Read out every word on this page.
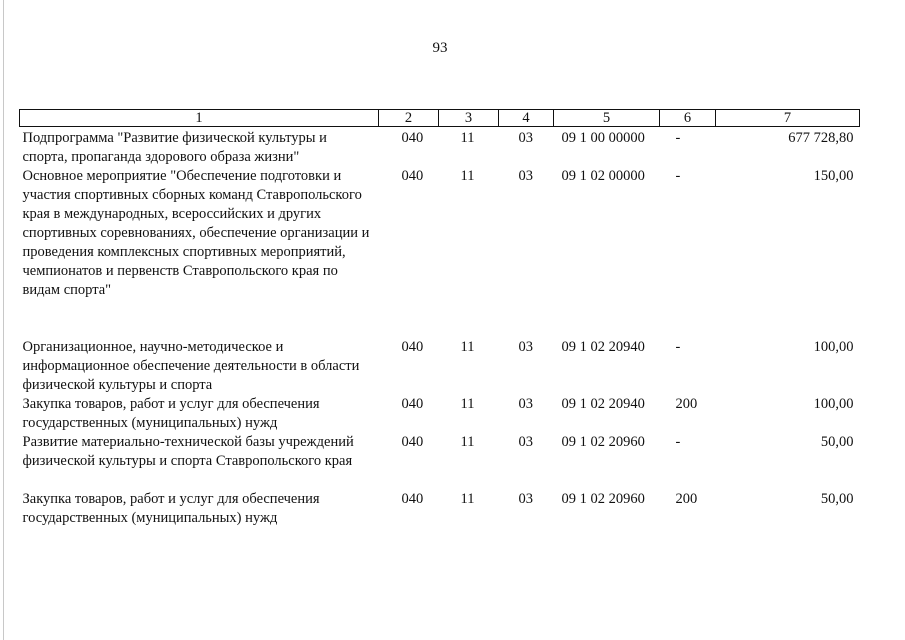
93
1	2	3	4	5	6	7
Подпрограмма "Развитие физической культуры и спорта, пропаганда здорового образа жизни"	040	11	03	09 1 00 00000	-	677 728,80
Основное мероприятие "Обеспечение подготовки и участия спортивных сборных команд Ставропольского края в международных, всероссийских и других спортивных соревнованиях, обеспечение организации и проведения комплексных спортивных мероприятий, чемпионатов и первенств Ставропольского края по видам спорта"	040	11	03	09 1 02 00000	-	150,00
Организационное, научно-методическое и информационное обеспечение деятельности в области физической культуры и спорта	040	11	03	09 1 02 20940	-	100,00
Закупка товаров, работ и услуг для обеспечения государственных (муниципальных) нужд	040	11	03	09 1 02 20940	200	100,00
Развитие материально-технической базы учреждений физической культуры и спорта Ставропольского края	040	11	03	09 1 02 20960	-	50,00
Закупка товаров, работ и услуг для обеспечения государственных (муниципальных) нужд	040	11	03	09 1 02 20960	200	50,00
